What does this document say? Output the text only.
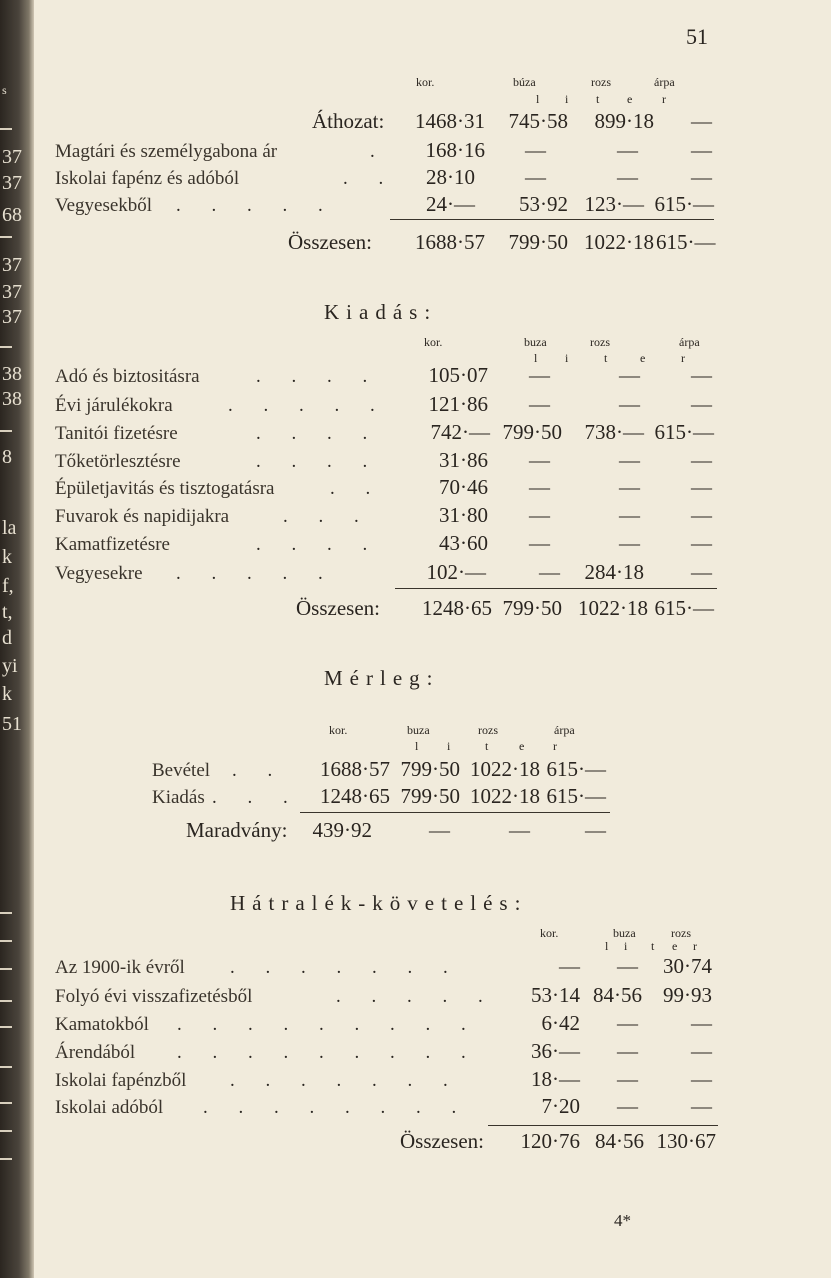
s
37
37
68
37
37
37
38
38
8
la
k
f,
t,
d
yi
k
51
51
kor.	búza	rozs	árpa
l i t e r
Áthozat:	1468·31	745·58	899·18	—
Magtári és személygabona ár	.	168·16	—	—	—
Iskolai fapénz és adóból	. .	28·10	—	—	—
Vegyesekből . . . . .	24·—	53·92 123·— 615·—
Összesen:	1688·57	799·50 1022·18 615·—
Kiadás:
kor.	buza	rozs	árpa
l i	t	e	r
Adó és biztositásra	. . . .	105·07	—	—	—
Évi járulékokra	. . . . .	121·86	—	—	—
Tanitói fizetésre	. . . .	742·— 799·50	738·— 615·—
Tőketörlesztésre	. . . .	31·86	—	—	—
Épületjavitás és tisztogatásra	. .	70·46	—	—	—
Fuvarok és napidijakra	. . .	31·80	—	—	—
Kamatfizetésre	. . . .	43·60	—	—	—
Vegyesekre . . . . .	102·—	—	284·18	—
Összesen:	1248·65 799·50 1022·18 615·—
Mérleg:
kor.	buza	rozs	árpa
l i	t	e r
Bevétel . .	1688·57 799·50 1022·18 615·—
Kiadás . . . 1248·65 799·50 1022·18 615·—
Maradvány:	439·92	—	—	—
Hátralék-követelés:
kor.	buza	rozs
l i t e r
Az 1900-ik évről . . . . . . .	—	—	30·74
Folyó évi visszafizetésből	. . . . .	53·14 84·56	99·93
Kamatokból . . . . . . . . .	6·42	—	—
Árendából . . . . . . . . .	36·—	—	—
Iskolai fapénzből . . . . . . .	18·—	—	—
Iskolai adóból . . . . . . . .	7·20	—	—
Összesen:	120·76 84·56 130·67
4*
